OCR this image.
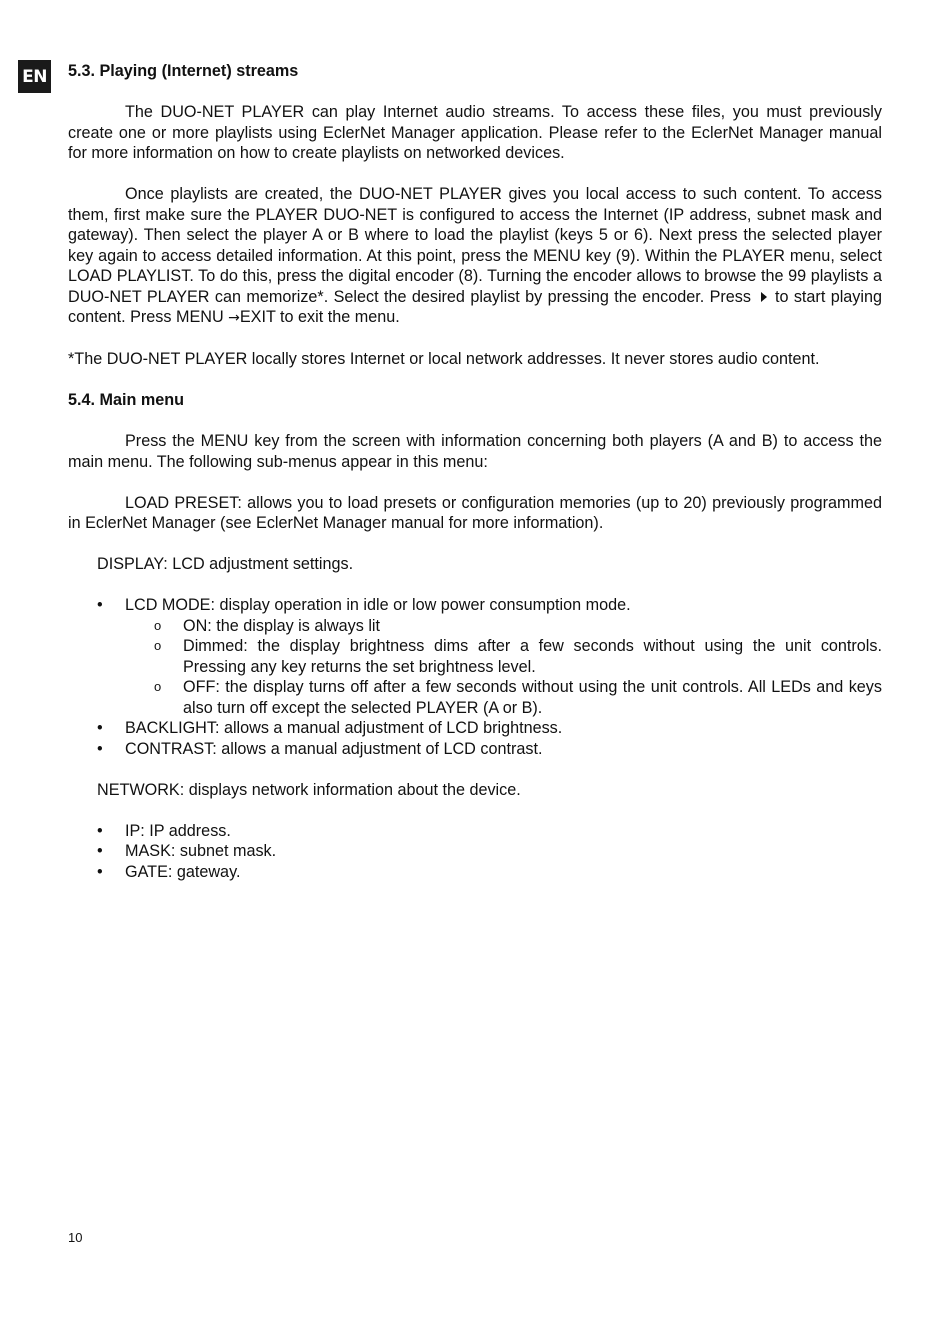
EN 5.3. Playing (Internet) streams

The DUO-NET PLAYER can play Internet audio streams. To access these files, you must previously create one or more playlists using EclerNet Manager application. Please refer to the EclerNet Manager manual for more information on how to create playlists on networked devices.

Once playlists are created, the DUO-NET PLAYER gives you local access to such content. To access them, first make sure the PLAYER DUO-NET is configured to access the Internet (IP address, subnet mask and gateway). Then select the player A or B where to load the playlist (keys 5 or 6). Next press the selected player key again to access detailed information. At this point, press the MENU key (9). Within the PLAYER menu, select LOAD PLAYLIST. To do this, press the digital encoder (8). Turning the encoder allows to browse the 99 playlists a DUO-NET PLAYER can memorize*. Select the desired playlist by pressing the encoder. Press to start playing content. Press MENU →EXIT to exit the menu.

*The DUO-NET PLAYER locally stores Internet or local network addresses. It never stores audio content.

5.4. Main menu

Press the MENU key from the screen with information concerning both players (A and B) to access the main menu. The following sub-menus appear in this menu:

LOAD PRESET: allows you to load presets or configuration memories (up to 20) previously programmed in EclerNet Manager (see EclerNet Manager manual for more information).

DISPLAY: LCD adjustment settings.

• LCD MODE: display operation in idle or low power consumption mode.
o ON: the display is always lit
o Dimmed: the display brightness dims after a few seconds without using the unit controls. Pressing any key returns the set brightness level.
o OFF: the display turns off after a few seconds without using the unit controls. All LEDs and keys also turn off except the selected PLAYER (A or B).
• BACKLIGHT: allows a manual adjustment of LCD brightness.
• CONTRAST: allows a manual adjustment of LCD contrast.

NETWORK: displays network information about the device.

• IP: IP address.
• MASK: subnet mask.
• GATE: gateway.
10
